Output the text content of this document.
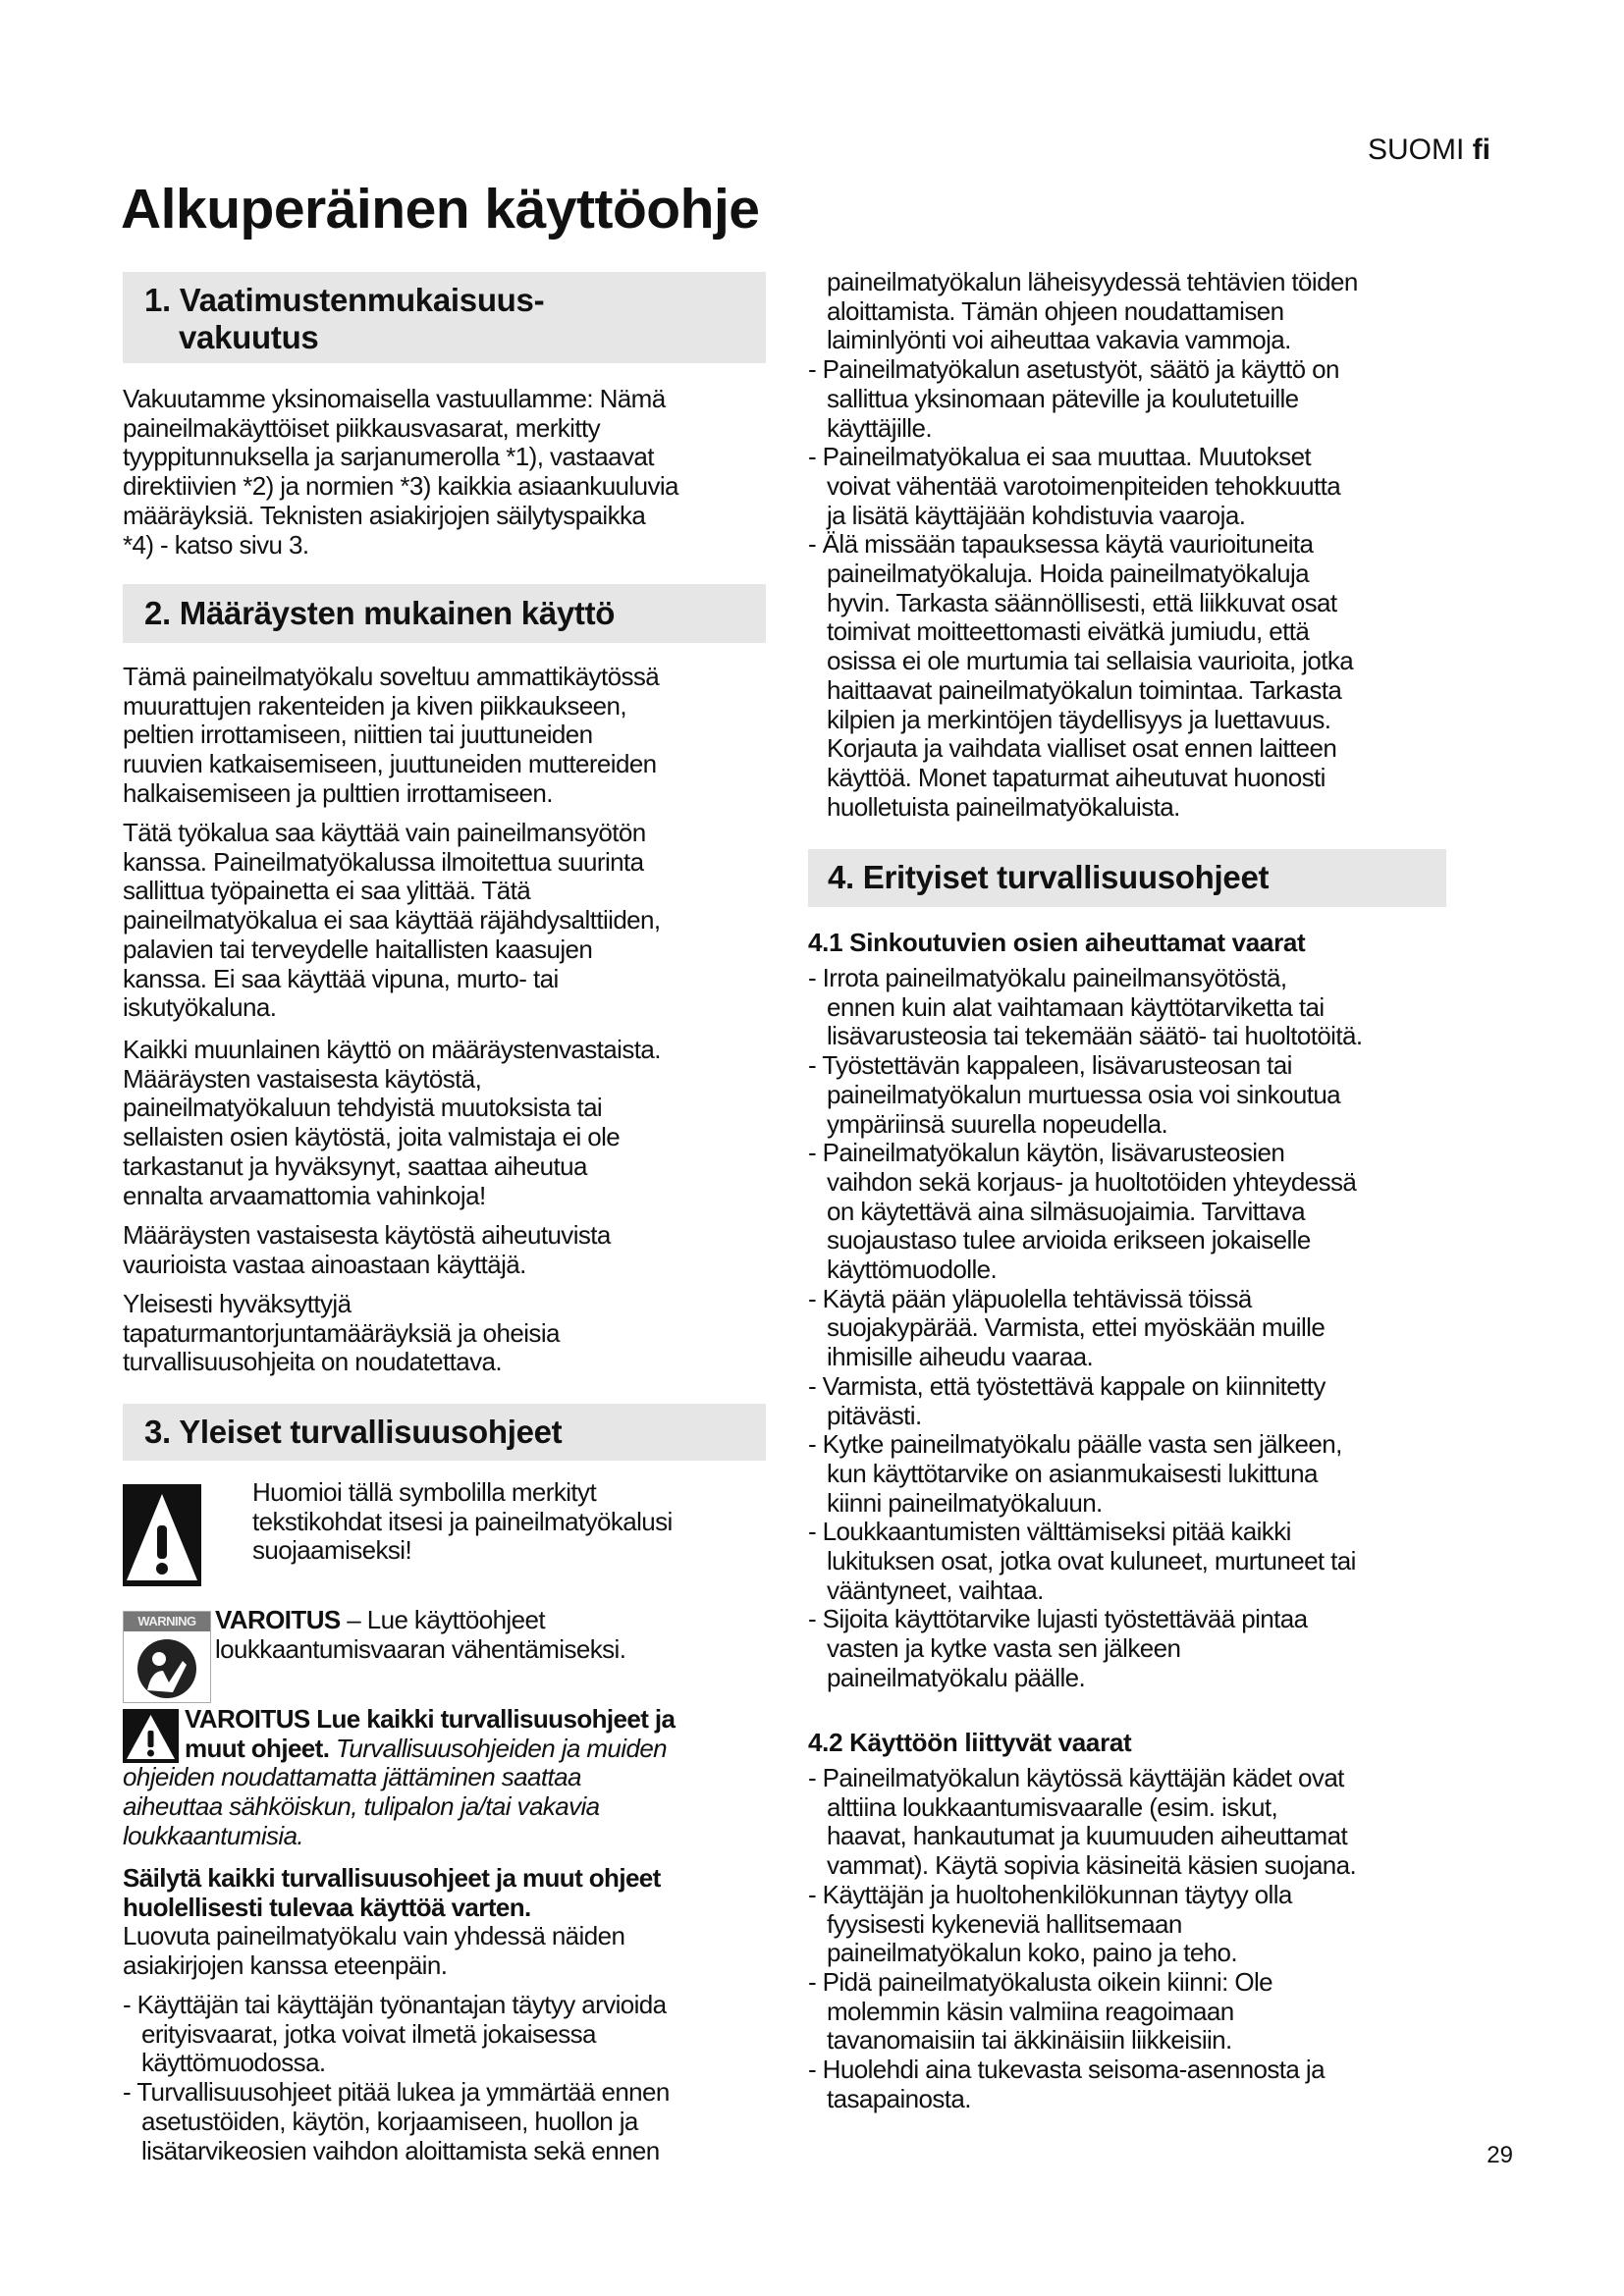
SUOMI fi
Alkuperäinen käyttöohje
1. Vaatimustenmukaisuus-
vakuutus
Vakuutamme yksinomaisella vastuullamme: Nämä
paineilmakäyttöiset piikkausvasarat, merkitty
tyyppitunnuksella ja sarjanumerolla *1), vastaavat
direktiivien *2) ja normien *3) kaikkia asiaankuuluvia
määräyksiä. Teknisten asiakirjojen säilytyspaikka
*4) - katso sivu 3.
2. Määräysten mukainen käyttö
Tämä paineilmatyökalu soveltuu ammattikäytössä
muurattujen rakenteiden ja kiven piikkaukseen,
peltien irrottamiseen, niittien tai juuttuneiden
ruuvien katkaisemiseen, juuttuneiden muttereiden
halkaisemiseen ja pulttien irrottamiseen.
Tätä työkalua saa käyttää vain paineilmansyötön
kanssa. Paineilmatyökalussa ilmoitettua suurinta
sallittua työpainetta ei saa ylittää. Tätä
paineilmatyökalua ei saa käyttää räjähdysalttiiden,
palavien tai terveydelle haitallisten kaasujen
kanssa. Ei saa käyttää vipuna, murto- tai
iskutyökaluna.
Kaikki muunlainen käyttö on määräystenvastaista.
Määräysten vastaisesta käytöstä,
paineilmatyökaluun tehdyistä muutoksista tai
sellaisten osien käytöstä, joita valmistaja ei ole
tarkastanut ja hyväksynyt, saattaa aiheutua
ennalta arvaamattomia vahinkoja!
Määräysten vastaisesta käytöstä aiheutuvista
vaurioista vastaa ainoastaan käyttäjä.
Yleisesti hyväksyttyjä
tapaturmantorjuntamääräyksiä ja oheisia
turvallisuusohjeita on noudatettava.
3. Yleiset turvallisuusohjeet
Huomioi tällä symbolilla merkityt
tekstikohdat itsesi ja paineilmatyökalusi
suojaamiseksi!
WARNING VAROITUS – Lue käyttöohjeet
loukkaantumisvaaran vähentämiseksi.
VAROITUS Lue kaikki turvallisuusohjeet ja
muut ohjeet. Turvallisuusohjeiden ja muiden
ohjeiden noudattamatta jättäminen saattaa
aiheuttaa sähköiskun, tulipalon ja/tai vakavia
loukkaantumisia.
Säilytä kaikki turvallisuusohjeet ja muut ohjeet
huolellisesti tulevaa käyttöä varten.
Luovuta paineilmatyökalu vain yhdessä näiden
asiakirjojen kanssa eteenpäin.
- Käyttäjän tai käyttäjän työnantajan täytyy arvioida
erityisvaarat, jotka voivat ilmetä jokaisessa
käyttömuodossa.
- Turvallisuusohjeet pitää lukea ja ymmärtää ennen
asetustöiden, käytön, korjaamiseen, huollon ja
lisätarvikeosien vaihdon aloittamista sekä ennen
paineilmatyökalun läheisyydessä tehtävien töiden
aloittamista. Tämän ohjeen noudattamisen
laiminlyönti voi aiheuttaa vakavia vammoja.
- Paineilmatyökalun asetustyöt, säätö ja käyttö on
sallittua yksinomaan päteville ja koulutetuille
käyttäjille.
- Paineilmatyökalua ei saa muuttaa. Muutokset
voivat vähentää varotoimenpiteiden tehokkuutta
ja lisätä käyttäjään kohdistuvia vaaroja.
- Älä missään tapauksessa käytä vaurioituneita
paineilmatyökaluja. Hoida paineilmatyökaluja
hyvin. Tarkasta säännöllisesti, että liikkuvat osat
toimivat moitteettomasti eivätkä jumiudu, että
osissa ei ole murtumia tai sellaisia vaurioita, jotka
haittaavat paineilmatyökalun toimintaa. Tarkasta
kilpien ja merkintöjen täydellisyys ja luettavuus.
Korjauta ja vaihdata vialliset osat ennen laitteen
käyttöä. Monet tapaturmat aiheutuvat huonosti
huolletuista paineilmatyökaluista.
4. Erityiset turvallisuusohjeet
4.1 Sinkoutuvien osien aiheuttamat vaarat
- Irrota paineilmatyökalu paineilmansyötöstä,
ennen kuin alat vaihtamaan käyttötarviketta tai
lisävarusteosia tai tekemään säätö- tai huoltotöitä.
- Työstettävän kappaleen, lisävarusteosan tai
paineilmatyökalun murtuessa osia voi sinkoutua
ympäriinsä suurella nopeudella.
- Paineilmatyökalun käytön, lisävarusteosien
vaihdon sekä korjaus- ja huoltotöiden yhteydessä
on käytettävä aina silmäsuojaimia. Tarvittava
suojaustaso tulee arvioida erikseen jokaiselle
käyttömuodolle.
- Käytä pään yläpuolella tehtävissä töissä
suojakypärää. Varmista, ettei myöskään muille
ihmisille aiheudu vaaraa.
- Varmista, että työstettävä kappale on kiinnitetty
pitävästi.
- Kytke paineilmatyökalu päälle vasta sen jälkeen,
kun käyttötarvike on asianmukaisesti lukittuna
kiinni paineilmatyökaluun.
- Loukkaantumisten välttämiseksi pitää kaikki
lukituksen osat, jotka ovat kuluneet, murtuneet tai
vääntyneet, vaihtaa.
- Sijoita käyttötarvike lujasti työstettävää pintaa
vasten ja kytke vasta sen jälkeen
paineilmatyökalu päälle.
4.2 Käyttöön liittyvät vaarat
- Paineilmatyökalun käytössä käyttäjän kädet ovat
alttiina loukkaantumisvaaralle (esim. iskut,
haavat, hankautumat ja kuumuuden aiheuttamat
vammat). Käytä sopivia käsineitä käsien suojana.
- Käyttäjän ja huoltohenkilökunnan täytyy olla
fyysisesti kykeneviä hallitsemaan
paineilmatyökalun koko, paino ja teho.
- Pidä paineilmatyökalusta oikein kiinni: Ole
molemmin käsin valmiina reagoimaan
tavanomaisiin tai äkkinäisiin liikkeisiin.
- Huolehdi aina tukevasta seisoma-asennosta ja
tasapainosta.
29
